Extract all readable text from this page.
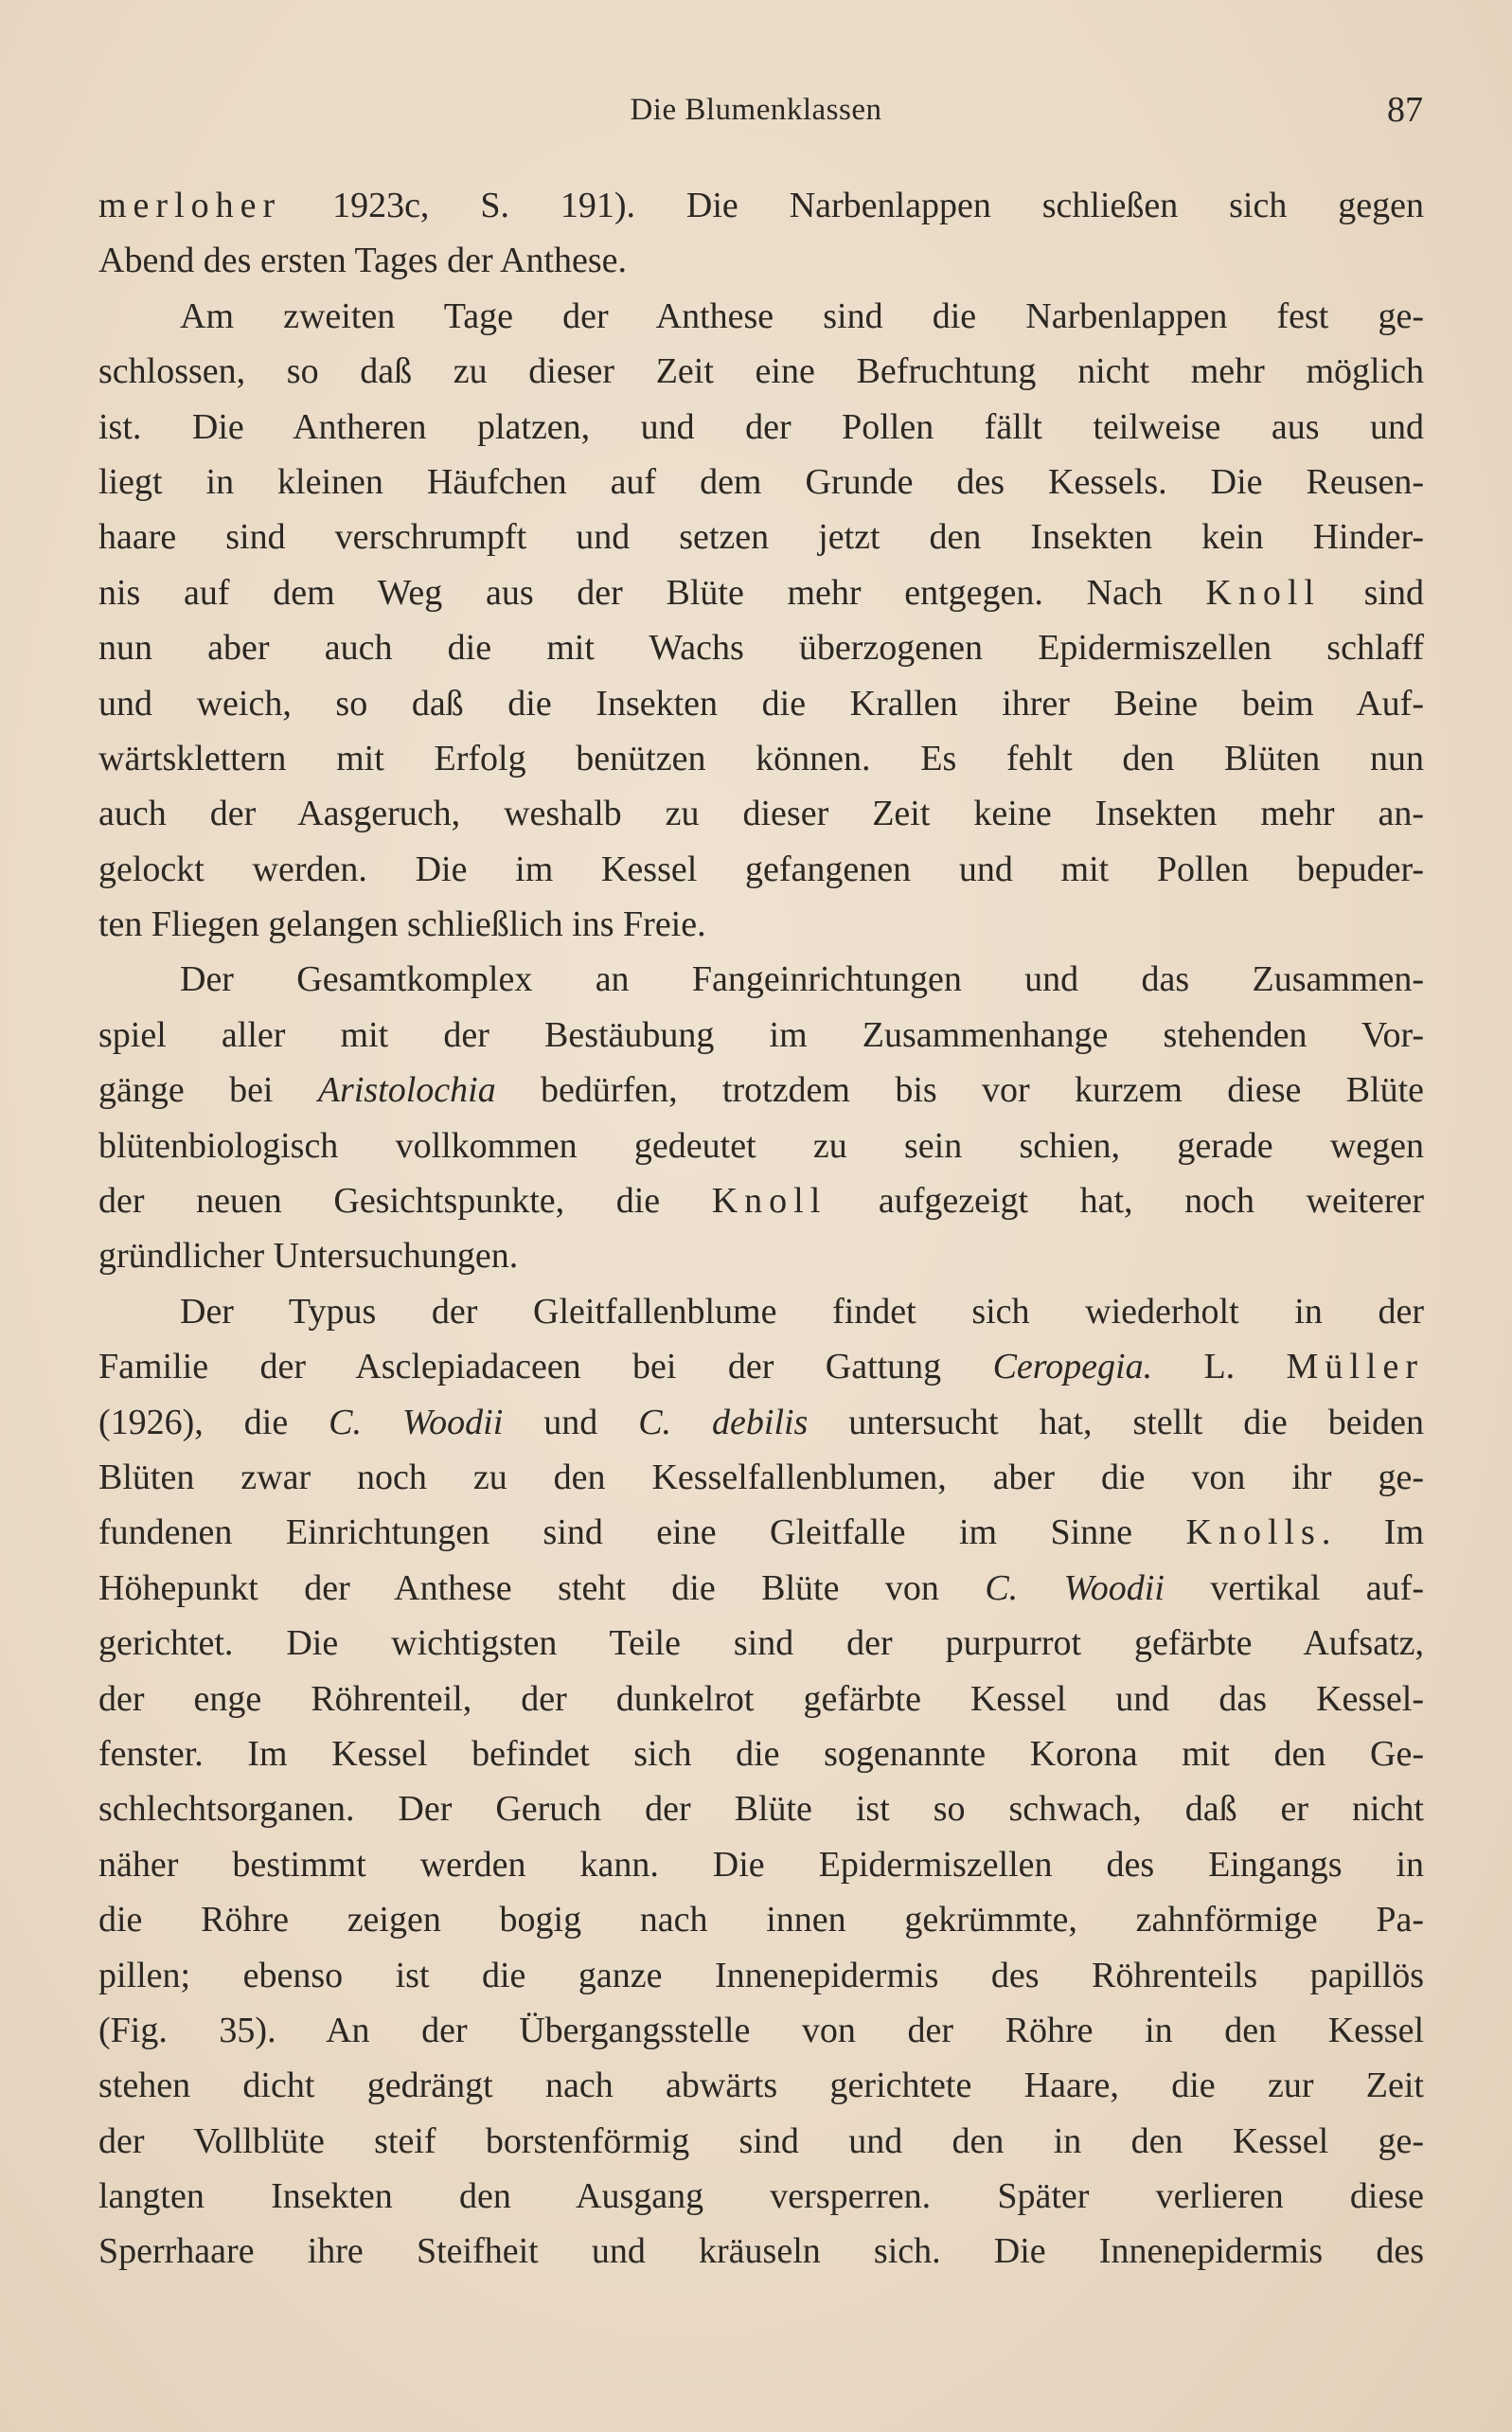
Die Blumenklassen	87
merloher 1923c, S. 191). Die Narbenlappen schließen sich gegen
Abend des ersten Tages der Anthese.
Am zweiten Tage der Anthese sind die Narbenlappen fest ge-
schlossen, so daß zu dieser Zeit eine Befruchtung nicht mehr möglich
ist. Die Antheren platzen, und der Pollen fällt teilweise aus und
liegt in kleinen Häufchen auf dem Grunde des Kessels. Die Reusen-
haare sind verschrumpft und setzen jetzt den Insekten kein Hinder-
nis auf dem Weg aus der Blüte mehr entgegen. Nach Knoll sind
nun aber auch die mit Wachs überzogenen Epidermiszellen schlaff
und weich, so daß die Insekten die Krallen ihrer Beine beim Auf-
wärtsklettern mit Erfolg benützen können. Es fehlt den Blüten nun
auch der Aasgeruch, weshalb zu dieser Zeit keine Insekten mehr an-
gelockt werden. Die im Kessel gefangenen und mit Pollen bepuder-
ten Fliegen gelangen schließlich ins Freie.
Der Gesamtkomplex an Fangeinrichtungen und das Zusammen-
spiel aller mit der Bestäubung im Zusammenhange stehenden Vor-
gänge bei Aristolochia bedürfen, trotzdem bis vor kurzem diese Blüte
blütenbiologisch vollkommen gedeutet zu sein schien, gerade wegen
der neuen Gesichtspunkte, die Knoll aufgezeigt hat, noch weiterer
gründlicher Untersuchungen.
Der Typus der Gleitfallenblume findet sich wiederholt in der
Familie der Asclepiadaceen bei der Gattung Ceropegia. L. Müller
(1926), die C. Woodii und C. debilis untersucht hat, stellt die beiden
Blüten zwar noch zu den Kesselfallenblumen, aber die von ihr ge-
fundenen Einrichtungen sind eine Gleitfalle im Sinne Knolls. Im
Höhepunkt der Anthese steht die Blüte von C. Woodii vertikal auf-
gerichtet. Die wichtigsten Teile sind der purpurrot gefärbte Aufsatz,
der enge Röhrenteil, der dunkelrot gefärbte Kessel und das Kessel-
fenster. Im Kessel befindet sich die sogenannte Korona mit den Ge-
schlechtsorganen. Der Geruch der Blüte ist so schwach, daß er nicht
näher bestimmt werden kann. Die Epidermiszellen des Eingangs in
die Röhre zeigen bogig nach innen gekrümmte, zahnförmige Pa-
pillen; ebenso ist die ganze Innenepidermis des Röhrenteils papillös
(Fig. 35). An der Übergangsstelle von der Röhre in den Kessel
stehen dicht gedrängt nach abwärts gerichtete Haare, die zur Zeit
der Vollblüte steif borstenförmig sind und den in den Kessel ge-
langten Insekten den Ausgang versperren. Später verlieren diese
Sperrhaare ihre Steifheit und kräuseln sich. Die Innenepidermis des
